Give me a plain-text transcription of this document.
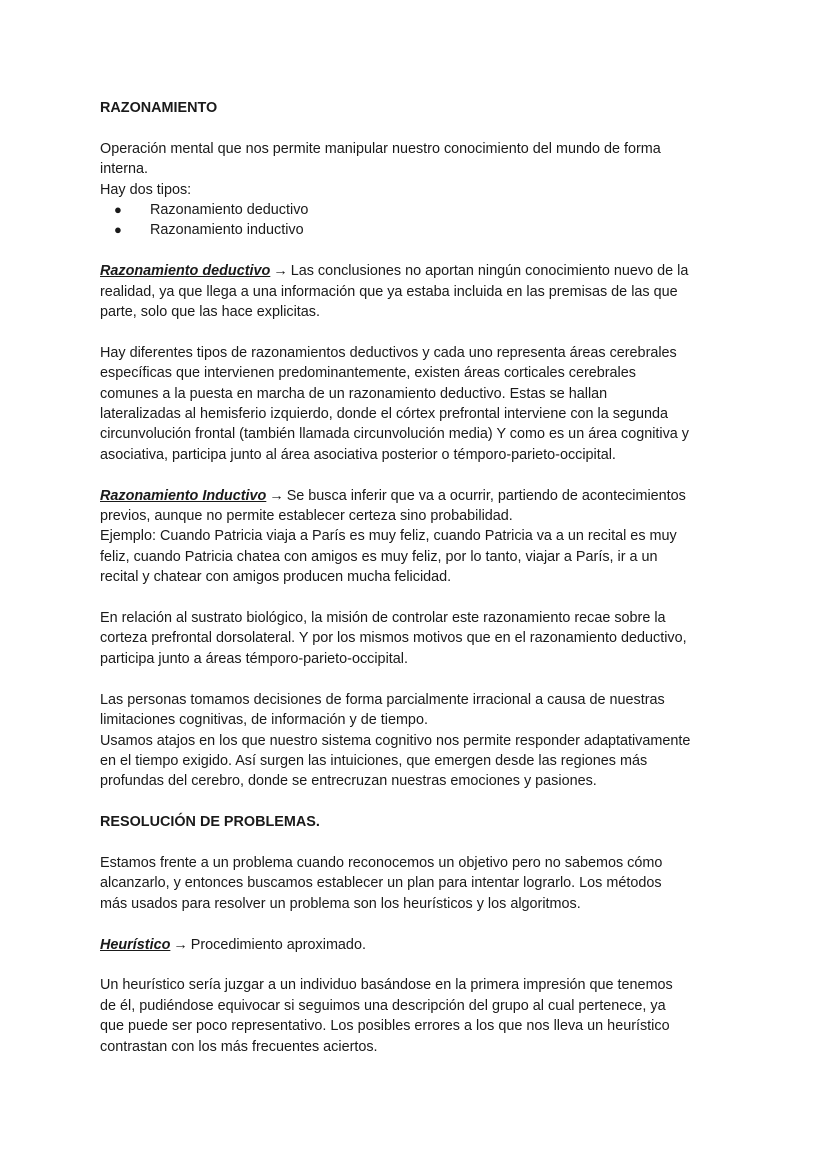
RAZONAMIENTO

Operación mental que nos permite manipular nuestro conocimiento del mundo de forma

interna.

Hay dos tipos:

● Razonamiento deductivo
● Razonamiento inductivo

Razonamiento deductivo → Las conclusiones no aportan ningún conocimiento nuevo de la

realidad, ya que llega a una información que ya estaba incluida en las premisas de las que

parte, solo que las hace explicitas.

Hay diferentes tipos de razonamientos deductivos y cada uno representa áreas cerebrales

específicas que intervienen predominantemente, existen áreas corticales cerebrales

comunes a la puesta en marcha de un razonamiento deductivo. Estas se hallan

lateralizadas al hemisferio izquierdo, donde el córtex prefrontal interviene con la segunda

circunvolución frontal (también llamada circunvolución media) Y como es un área cognitiva y

asociativa, participa junto al área asociativa posterior o témporo-parieto-occipital.

Razonamiento Inductivo → Se busca inferir que va a ocurrir, partiendo de acontecimientos

previos, aunque no permite establecer certeza sino probabilidad.

Ejemplo: Cuando Patricia viaja a París es muy feliz, cuando Patricia va a un recital es muy

feliz, cuando Patricia chatea con amigos es muy feliz, por lo tanto, viajar a París, ir a un

recital y chatear con amigos producen mucha felicidad.

En relación al sustrato biológico, la misión de controlar este razonamiento recae sobre la

corteza prefrontal dorsolateral. Y por los mismos motivos que en el razonamiento deductivo,

participa junto a áreas témporo-parieto-occipital.

Las personas tomamos decisiones de forma parcialmente irracional a causa de nuestras

limitaciones cognitivas, de información y de tiempo.

Usamos atajos en los que nuestro sistema cognitivo nos permite responder adaptativamente

en el tiempo exigido. Así surgen las intuiciones, que emergen desde las regiones más

profundas del cerebro, donde se entrecruzan nuestras emociones y pasiones.

RESOLUCIÓN DE PROBLEMAS.

Estamos frente a un problema cuando reconocemos un objetivo pero no sabemos cómo

alcanzarlo, y entonces buscamos establecer un plan para intentar lograrlo. Los métodos

más usados para resolver un problema son los heurísticos y los algoritmos.

Heurístico → Procedimiento aproximado.

Un heurístico sería juzgar a un individuo basándose en la primera impresión que tenemos

de él, pudiéndose equivocar si seguimos una descripción del grupo al cual pertenece, ya

que puede ser poco representativo. Los posibles errores a los que nos lleva un heurístico

contrastan con los más frecuentes aciertos.
